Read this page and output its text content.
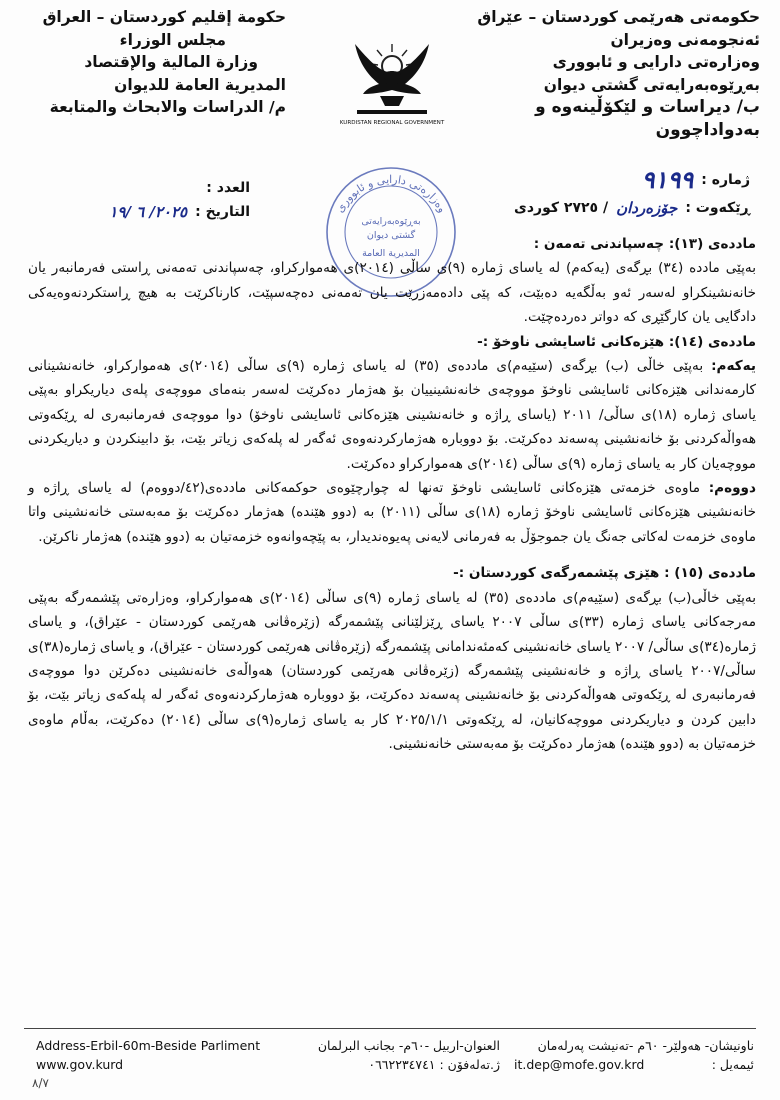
حكومەتی هەرێمی كوردستان – عێراق
ئەنجومەنی وەزیران
وەزارەتی دارایی و ئابووری
بەڕێوەبەرایەتی گشتی دیوان
ب/ دیراسات و لێكۆڵینەوە و بەدواداچوون
حكومة إقليم كوردستان – العراق
مجلس الوزراء
وزارة المالية والإقتصاد
المديرية العامة للديوان
م/ الدراسات والابحاث والمتابعة
KURDISTAN REGIONAL GOVERNMENT
ژمارە :
٩١٩٩
ڕێكەوت :
جۆزەردان
/ ٢٧٢٥ كوردی
العدد :
التاريخ :
٢٠٢٥/ ٦ /١٩	وەزارەتی دارایی و ئابووری
بەڕێوەبەرایەتی
گشتی دیوان
المديرية العامة

ماددەی (١٣): چەسپاندنی تەمەن :

بەپێی ماددە (٣٤) بڕگەی (یەكەم) لە یاسای ژمارە (٩)ی ساڵی (٢٠١٤)ی هەمواركراو، چەسپاندنی تەمەنی ڕاستی فەرمانبەر یان خانەنشینكراو لەسەر ئەو بەڵگەیە دەبێت، كە پێی دادەمەزرێت یان تەمەنی دەچەسپێت، كارناكرێت بە هیچ ڕاستكردنەوەیەكی دادگایی یان كارگێڕی كە دواتر دەردەچێت.

ماددەی (١٤): هێزەكانی ئاسایشی ناوخۆ :-

یەكەم: بەپێی خاڵی (ب) بڕگەی (سێیەم)ی ماددەی (٣٥) لە یاسای ژمارە (٩)ی ساڵی (٢٠١٤)ی هەمواركراو، خانەنشینانی كارمەندانی هێزەكانی ئاسایشی ناوخۆ مووچەی خانەنشینییان بۆ هەژمار دەكرێت لەسەر بنەمای مووچەی پلەی دیاریكراو بەپێی یاسای ژمارە (١٨)ی ساڵی/ ٢٠١١ (یاسای ڕاژە و خانەنشینی هێزەكانی ئاسایشی ناوخۆ) دوا مووچەی فەرمانبەری لە ڕێكەوتی هەواڵەكردنی بۆ خانەنشینی پەسەند دەكرێت. بۆ دووبارە هەژماركردنەوەی ئەگەر لە پلەكەی زیاتر بێت، بۆ دابینكردن و دیاریكردنی مووچەیان كار بە یاسای ژمارە (٩)ی ساڵی (٢٠١٤)ی هەمواركراو دەكرێت.

دووەم: ماوەی خزمەتی هێزەكانی ئاسایشی ناوخۆ تەنها لە چوارچێوەی حوكمەكانی ماددەی(٤٢/دووەم) لە یاسای ڕاژە و خانەنشینی هێزەكانی ئاسایشی ناوخۆ ژمارە (١٨)ی ساڵی (٢٠١١) بە (دوو هێندە) هەژمار دەكرێت بۆ مەبەستی خانەنشینی واتا ماوەی خزمەت لەكاتی جەنگ یان جموجۆڵ بە فەرمانی لایەنی پەیوەندیدار، بە پێچەوانەوە خزمەتیان بە (دوو هێندە) هەژمار ناكرێن.

ماددەی (١٥) : هێزی پێشمەرگەی كوردستان :-

بەپێی خاڵی(ب) بڕگەی (سێیەم)ی ماددەی (٣٥) لە یاسای ژمارە (٩)ی ساڵی (٢٠١٤)ی هەمواركراو، وەزارەتی پێشمەرگە بەپێی مەرجەكانی یاسای ژمارە (٣٣)ی ساڵی ٢٠٠٧ یاسای ڕێزلێنانی پێشمەرگە (زێرەڤانی هەرێمی كوردستان - عێراق)، و یاسای ژمارە(٣٤)ی ساڵی/ ٢٠٠٧ یاسای خانەنشینی كەمئەندامانی پێشمەرگە (زێرەڤانی هەرێمی كوردستان - عێراق)، و یاسای ژمارە(٣٨)ی ساڵی/٢٠٠٧ یاسای ڕاژە و خانەنشینی پێشمەرگە (زێرەڤانی هەرێمی كوردستان) هەواڵەی خانەنشینی دەكرێن دوا مووچەی فەرمانبەری لە ڕێكەوتی هەواڵەكردنی بۆ خانەنشینی پەسەند دەكرێت، بۆ دووبارە هەژماركردنەوەی ئەگەر لە پلەكەی زیاتر بێت، بۆ دابین كردن و دیاریكردنی مووچەكانیان، لە ڕێكەوتی ٢٠٢٥/١/١ كار بە یاسای ژمارە(٩)ی ساڵی (٢٠١٤) دەكرێت، بەڵام ماوەی خزمەتیان بە (دوو هێندە) هەژمار دەكرێت بۆ مەبەستی خانەنشینی.

Address-Erbil-60m-Beside Parliment
www.gov.kurd
العنوان-اربيل -٦٠م- بجانب البرلمان
ژ.تەلەفۆن : ٠٦٦٢٢٣٤٧٤١
ناونیشان- هەولێر- ٦٠م -تەنیشت پەرلەمان
ئیمەیل :
it.dep@mofe.gov.krd
٨/٧
